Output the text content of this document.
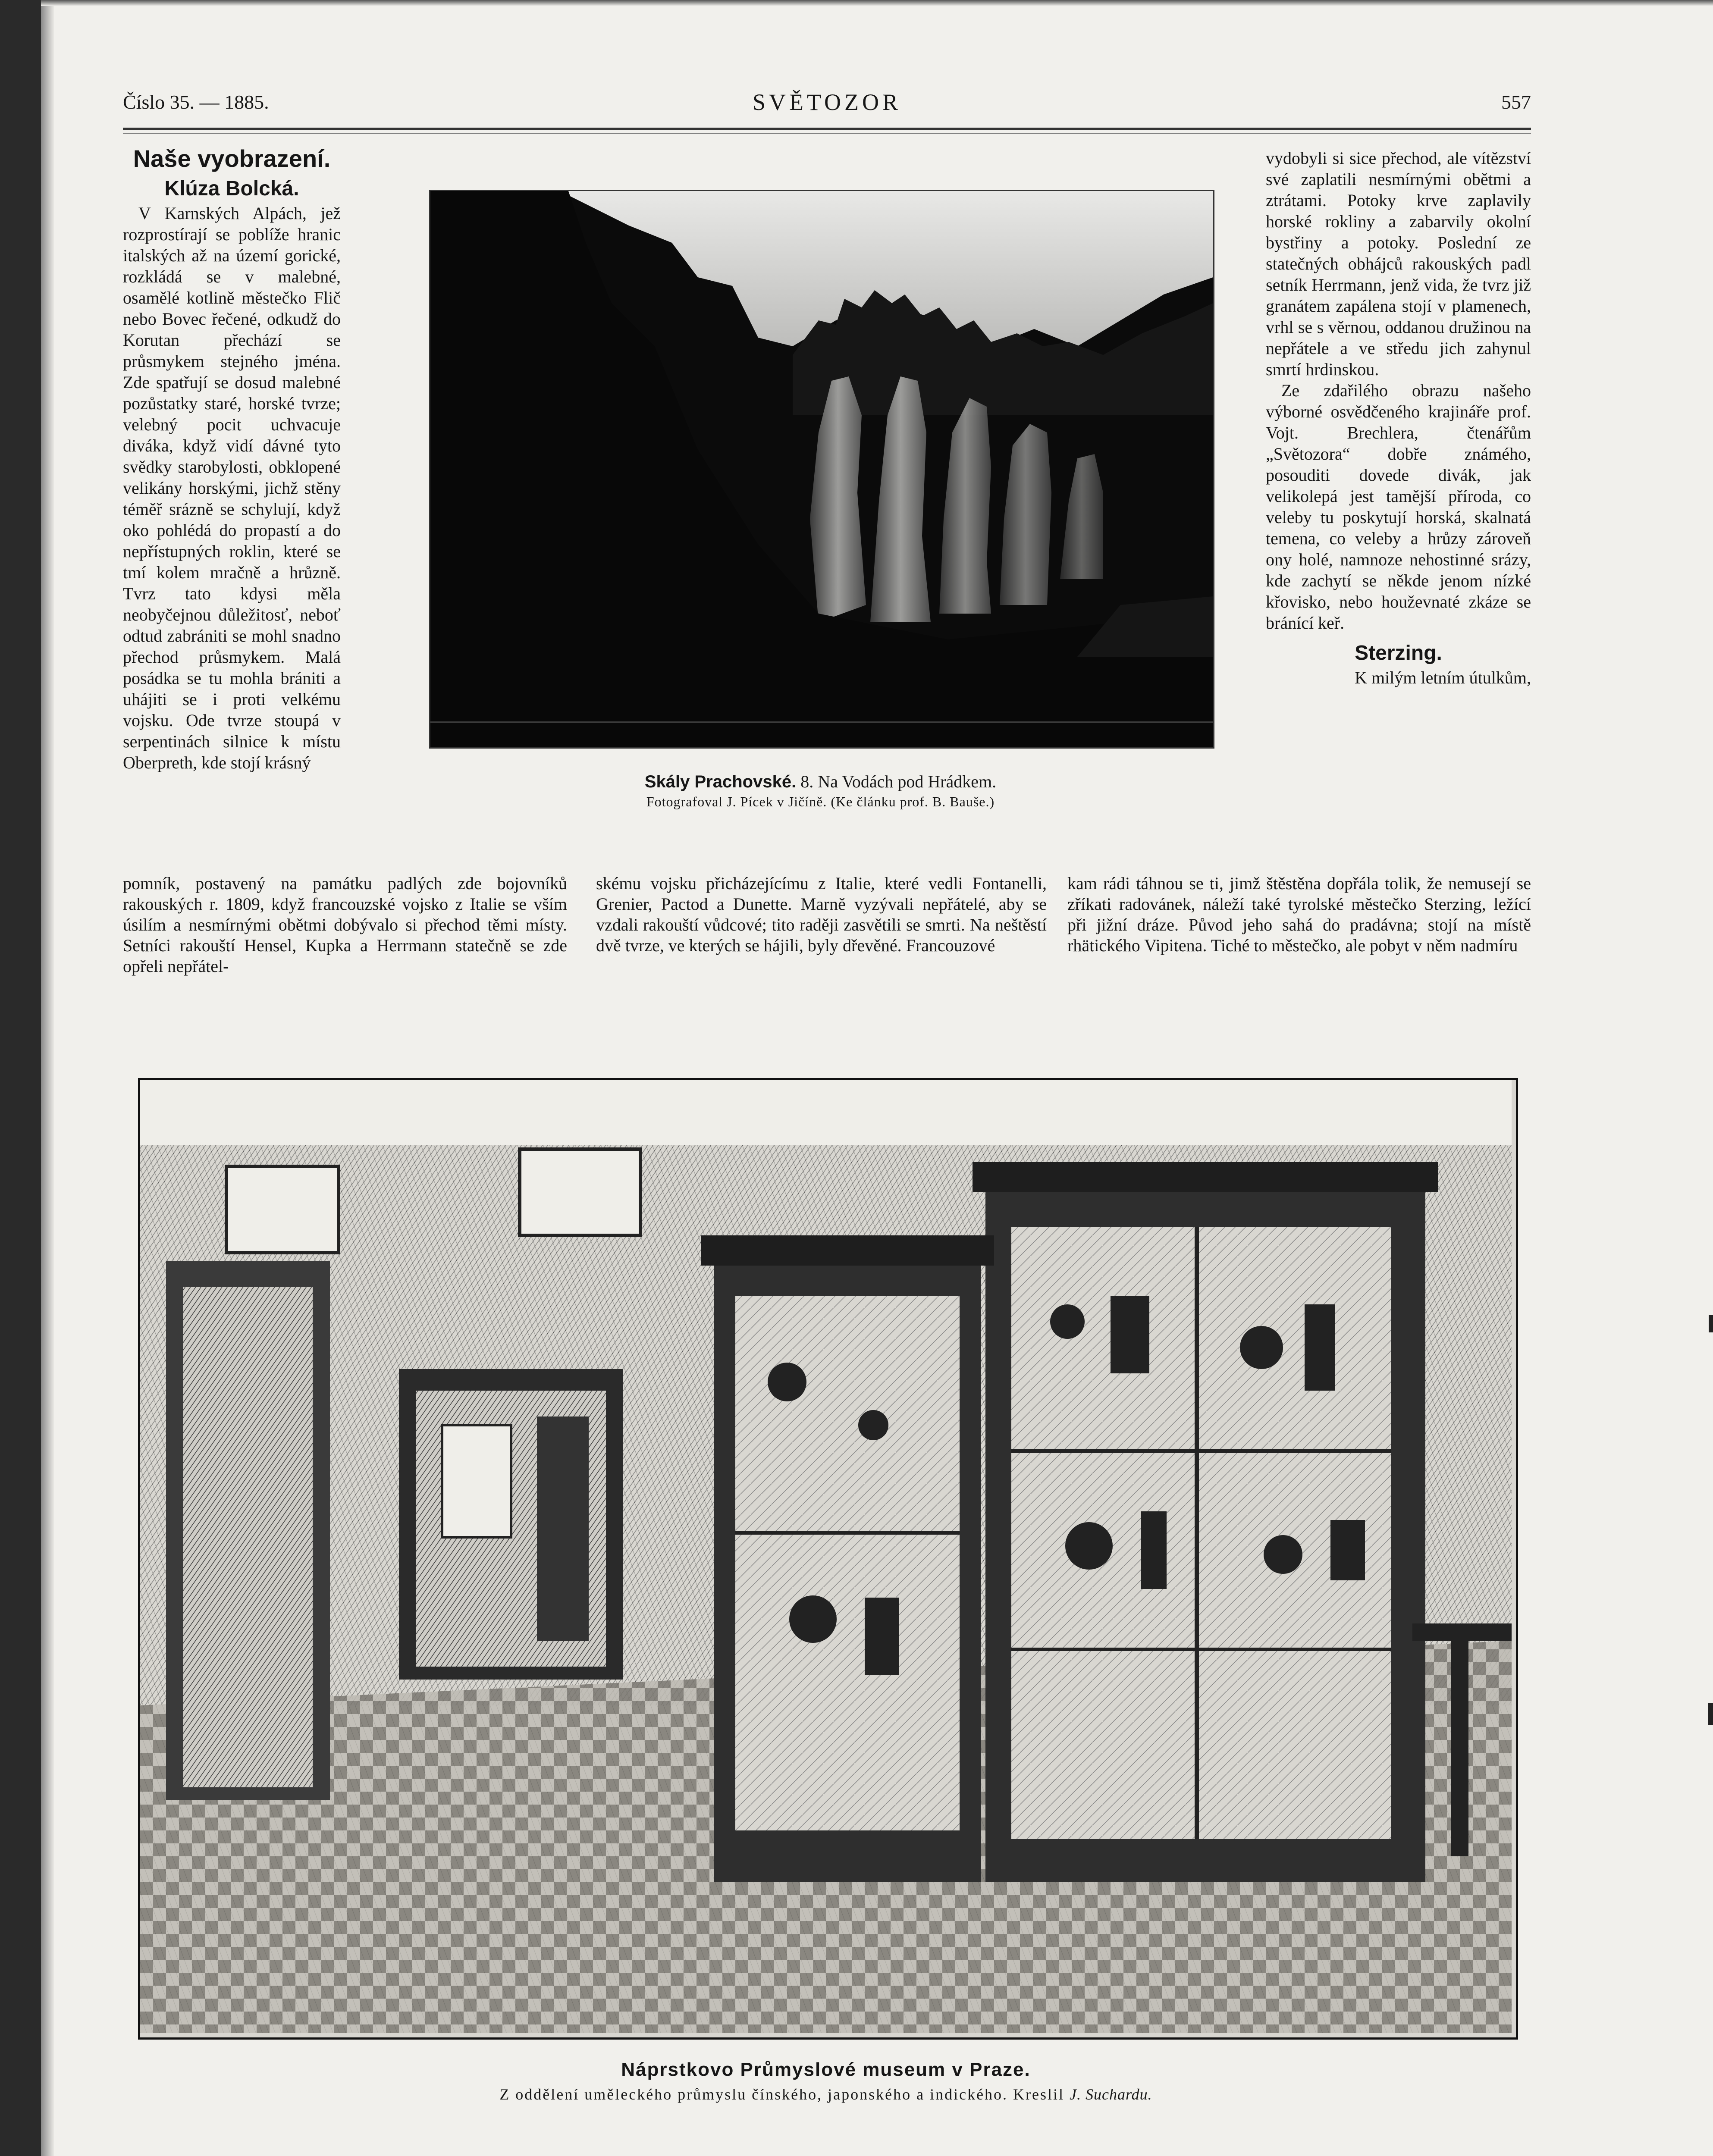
Číslo 35. — 1885.	SVĚTOZOR	557
Naše vyobrazení.
Klúza Bolcká.

V Karnských Alpách, jež rozprostírají se poblíže hranic italských až na území gorické, rozkládá se v malebné, osamělé kotlině městečko Flič nebo Bovec řečené, odkudž do Korutan přechází se průsmykem stejného jména. Zde spatřují se dosud malebné pozůstatky staré, horské tvrze; velebný pocit uchvacuje diváka, když vidí dávné tyto svědky starobylosti, obklopené velikány horskými, jichž stěny téměř srázně se schylují, když oko pohlédá do propastí a do nepřístupných roklin, které se tmí kolem mračně a hrůzně. Tvrz tato kdysi měla neobyčejnou důležitosť, neboť odtud zabrániti se mohl snadno přechod průsmykem. Malá posádka se tu mohla brániti a uhájiti se i proti velkému vojsku. Ode tvrze stoupá v serpentinách silnice k místu Oberpreth, kde stojí krásný

Skály Prachovské. 8. Na Vodách pod Hrádkem.
Fotografoval J. Pícek v Jičíně. (Ke článku prof. B. Bauše.)

vydobyli si sice přechod, ale vítězství své zaplatili nesmírnými obětmi a ztrátami. Potoky krve zaplavily horské rokliny a zabarvily okolní bystřiny a potoky. Poslední ze statečných obhájců rakouských padl setník Herrmann, jenž vida, že tvrz již granátem zapálena stojí v plamenech, vrhl se s věrnou, oddanou družinou na nepřátele a ve středu jich zahynul smrtí hrdinskou.

Ze zdařilého obrazu našeho výborné osvědčeného krajináře prof. Vojt. Brechlera, čtenářům „Světozora“ dobře známého, posouditi dovede divák, jak velikolepá jest tamější příroda, co veleby tu poskytují horská, skalnatá temena, co veleby a hrůzy zároveň ony holé, namnoze nehostinné srázy, kde zachytí se někde jenom nízké křovisko, nebo houževnaté zkáze se bránící keř.

Sterzing.

K milým letním útulkům,

pomník, postavený na památku padlých zde bojovníků rakouských r. 1809, když francouzské vojsko z Italie se vším úsilím a nesmírnými obětmi dobývalo si přechod těmi místy. Setníci rakouští Hensel, Kupka a Herrmann statečně se zde opřeli nepřátel-

skému vojsku přicházejícímu z Italie, které vedli Fontanelli, Grenier, Pactod a Dunette. Marně vyzývali nepřátelé, aby se vzdali rakouští vůdcové; tito raději zasvětili se smrti. Na neštěstí dvě tvrze, ve kterých se hájili, byly dřevěné. Francouzové

kam rádi táhnou se ti, jimž štěstěna dopřála tolik, že nemusejí se zříkati radovánek, náleží také tyrolské městečko Sterzing, ležící při jižní dráze. Původ jeho sahá do pradávna; stojí na místě rhätického Vipitena. Tiché to městečko, ale pobyt v něm nadmíru

Náprstkovo Průmyslové museum v Praze.
Z oddělení uměleckého průmyslu čínského, japonského a indického. Kreslil J. Suchardu.
